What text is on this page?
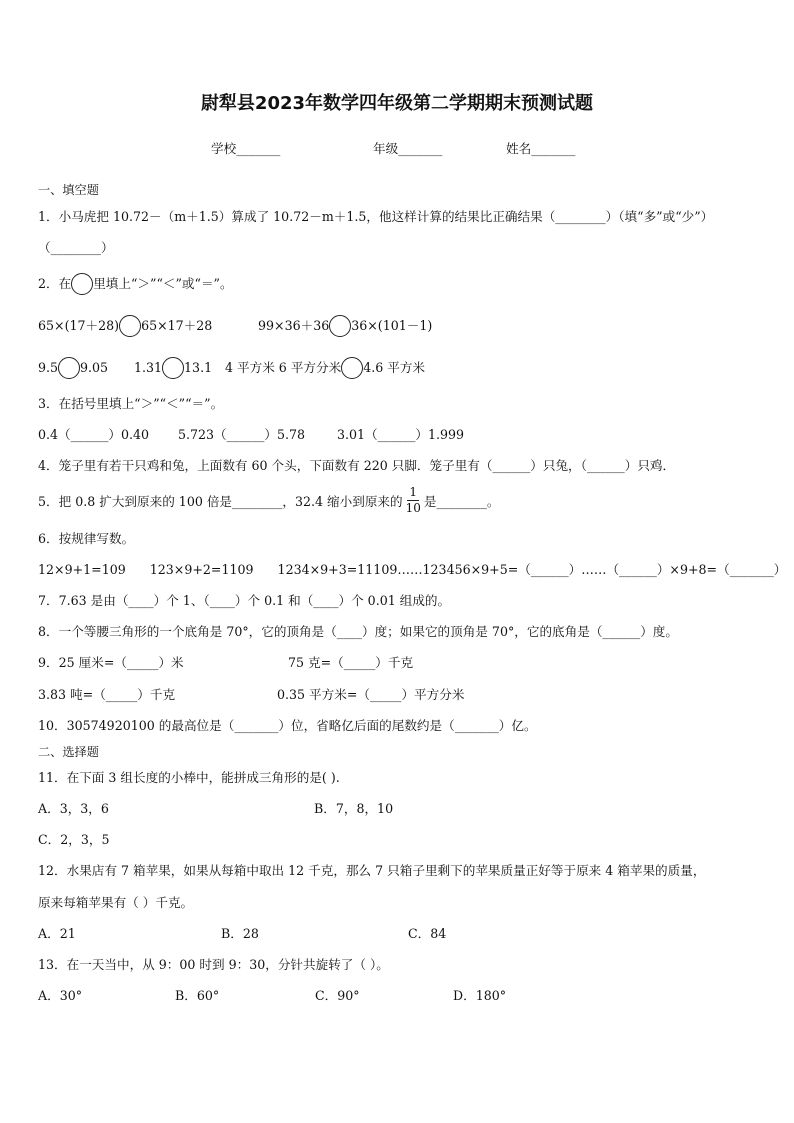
尉犁县2023年数学四年级第二学期期末预测试题
学校_______	年级_______	姓名_______
一、填空题
1．小马虎把 10.72－（m＋1.5）算成了 10.72－m＋1.5，他这样计算的结果比正确结果（________）（填“多”或“少”）
（________）
2．在 里填上“＞”“＜”或“＝”。
65×(17＋28) 65×17＋28	99×36＋36 36×(101－1)
9.5 9.05 1.31 13.1 4 平方米 6 平方分米 4.6 平方米
3．在括号里填上“＞”“＜”“＝”。
0.4（______）0.40 5.723（______）5.78	3.01（______）1.999
4．笼子里有若干只鸡和兔，上面数有 60 个头，下面数有 220 只脚．笼子里有（______）只兔，（______）只鸡．
5．把 0.8 扩大到原来的 100 倍是________，32.4 缩小到原来的 $\frac{1}{10}$ 是________。
6．按规律写数。
12×9+1=109      123×9+2=1109      1234×9+3=11109……123456×9+5=（______）……（______）×9+8=（_______）
7．7.63 是由（____）个 1、（____）个 0.1 和（____）个 0.01 组成的。
8．一个等腰三角形的一个底角是 70°，它的顶角是（____）度；如果它的顶角是 70°，它的底角是（______）度。
9．25 厘米=（_____）米	75 克=（_____）千克
3.83 吨=（_____）千克	0.35 平方米=（_____）平方分米
10．30574920100 的最高位是（_______）位，省略亿后面的尾数约是（_______）亿。
二、选择题
11．在下面 3 组长度的小棒中，能拼成三角形的是( ).
A．3，3，6	B．7，8，10
C．2，3，5
12．水果店有 7 箱苹果，如果从每箱中取出 12 千克，那么 7 只箱子里剩下的苹果质量正好等于原来 4 箱苹果的质量，
原来每箱苹果有（ ）千克。
A．21	B．28	C．84
13．在一天当中，从 9：00 时到 9：30，分针共旋转了（ ）。
A．30°	B．60°	C．90°	D．180°
